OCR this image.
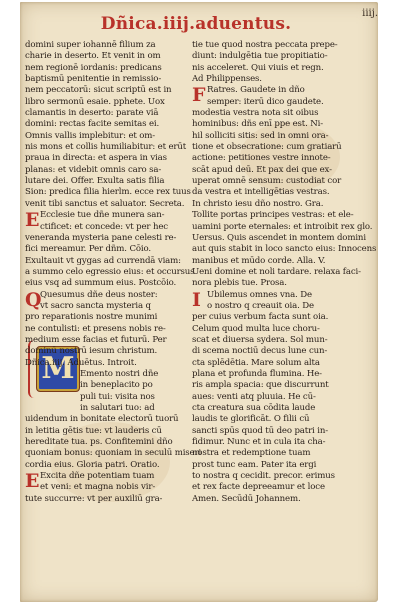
Dñica.iiij.aduentus.
iiij.
M
domini super iohannē filium za
charie in deserto. Et venit in om
nem regionē iordanis: predicans
baptismū penitentie in remissio-
nem peccatorū: sicut scriptū est in
libro sermonū esaie. pphete. Uox
clamantis in deserto: parate viā
domini: rectas facite semitas ei.
Omnis vallis implebitur: et om-
nis mons et collis humiliabitur: et erūt
praua in directa: et aspera in vias
planas: et videbit omnis caro sa-
lutare dei. Offer. Exulta satis filia
Sion: predica filia hierlm. ecce rex tuus
venit tibi sanctus et saluator. Secreta.
E Ecclesie tue dñe munera san-
ctificet: et concede: vt per hec
veneranda mysteria pane celesti re-
fici mereamur. Per dñm. Cōio.
Exultauit vt gygas ad currendā viam:
a summo celo egressio eius: et occursus
eius vsq ad summum eius. Postcōio.
Q
Quesumus dñe deus noster:
vt sacro sancta mysteria q
pro reparationis nostre munimi
ne contulisti: et presens nobis re-
medium esse facias et futurū. Per
dominū nostrū iesum christum.
Dñica.iiij. Aduētus. Introit.
Emento nostri dñe
in beneplacito po
puli tui: visita nos
in salutari tuo: ad
uidendum in bonitate electorū tuorū
in letitia gētis tue: vt lauderis cū
hereditate tua. ps. Confitemini dño
quoniam bonus: quoniam in seculū miseri
cordia eius. Gloria patri. Oratio.
E Excita dñe potentiam tuam
et veni: et magna nobis vir-
tute succurre: vt per auxiliū gra-
tie tue quod nostra peccata prepe-
diunt: indulgētia tue propitiatio-
nis acceleret. Qui viuis et regn.
Ad Philippenses.
F Ratres. Gaudete in dño
semper: iterū dico gaudete.
modestia vestra nota sit oibus
hominibus: dñs enī ppe est. Ni-
hil solliciti sitis: sed in omni ora-
tione et obsecratione: cum gratiarū
actione: petitiones vestre innote-
scāt apud deū. Et pax dei que ex-
uperat omnē sensum: custodiat cor
da vestra et intelligētias vestras.
In christo iesu dño nostro. Gra.
Tollite portas principes vestras: et ele-
uamini porte eternales: et introibit rex glo.
Uersus. Quis ascendet in montem domini
aut quis stabit in loco sancto eius: Innocens
manibus et mūdo corde. Alla. V.
Ueni domine et noli tardare. relaxa faci-
nora plebis tue. Prosa.
I Ubilemus omnes vna. De
o nostro q creauit oia. De
per cuius verbum facta sunt oia.
Celum quod multa luce choru-
scat et diuersa sydera. Sol mun-
di scema noctiū decus lune cun-
cta splēdētia. Mare solum alta
plana et profunda flumina. He-
ris ampla spacia: que discurrunt
aues: venti atq pluuia. He cū-
cta creatura sua cōdita laude
laudis te glorificāt. O filii cū
sancti spūs quod tū deo patri in-
fidimur. Nunc et in cula ita cha-
nostra et redemptione tuam
prost tunc eam. Pater ita ergi
to nostra q cecidit. precor. erimus
et rex facte depreeamur et loce
Amen. Secūdū Johannem.
